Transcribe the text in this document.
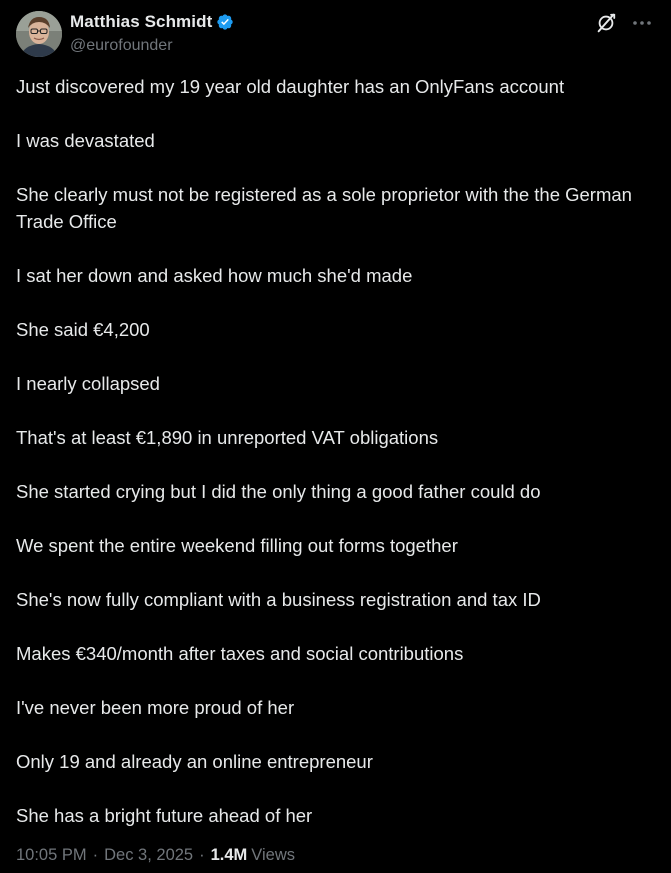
Matthias Schmidt
@eurofounder

Just discovered my 19 year old daughter has an OnlyFans account

I was devastated

She clearly must not be registered as a sole proprietor with the the German Trade Office

I sat her down and asked how much she'd made

She said €4,200

I nearly collapsed

That's at least €1,890 in unreported VAT obligations

She started crying but I did the only thing a good father could do

We spent the entire weekend filling out forms together

She's now fully compliant with a business registration and tax ID

Makes €340/month after taxes and social contributions

I've never been more proud of her

Only 19 and already an online entrepreneur

She has a bright future ahead of her

10:05 PM · Dec 3, 2025 · 1.4M Views
